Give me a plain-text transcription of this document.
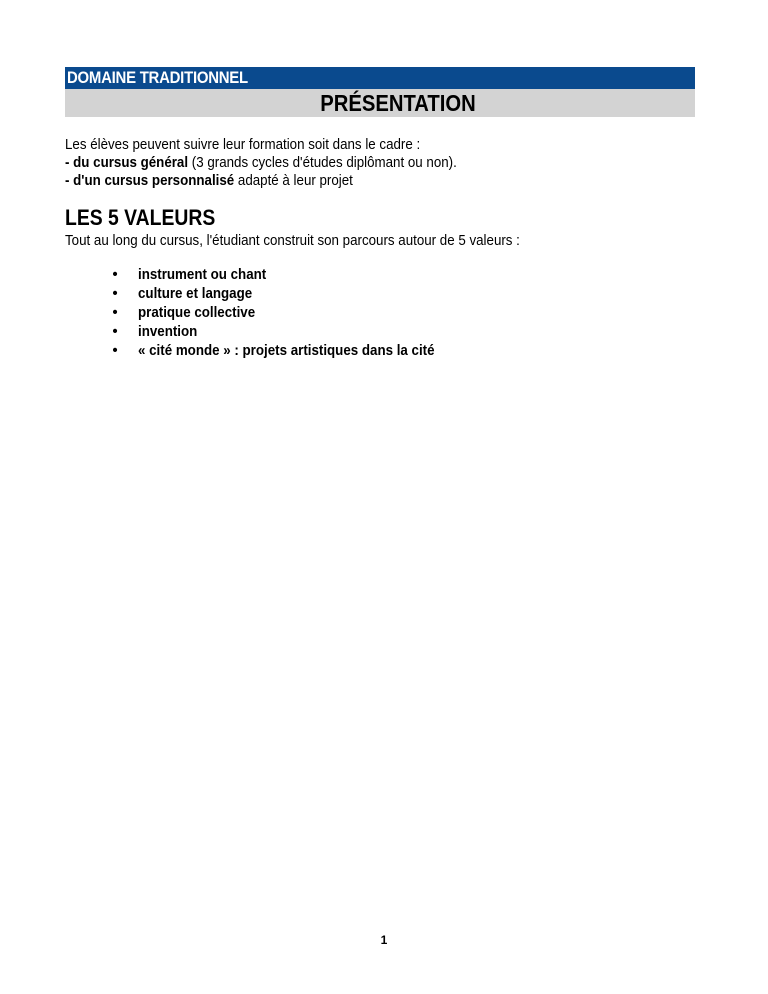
DOMAINE TRADITIONNEL
PRÉSENTATION
Les élèves peuvent suivre leur formation soit dans le cadre :
- du cursus général (3 grands cycles d'études diplômant ou non).
- d'un cursus personnalisé adapté à leur projet
LES 5 VALEURS
Tout au long du cursus, l'étudiant construit son parcours autour de 5 valeurs :
• instrument ou chant
• culture et langage
• pratique collective
• invention
• « cité monde » : projets artistiques dans la cité
1
